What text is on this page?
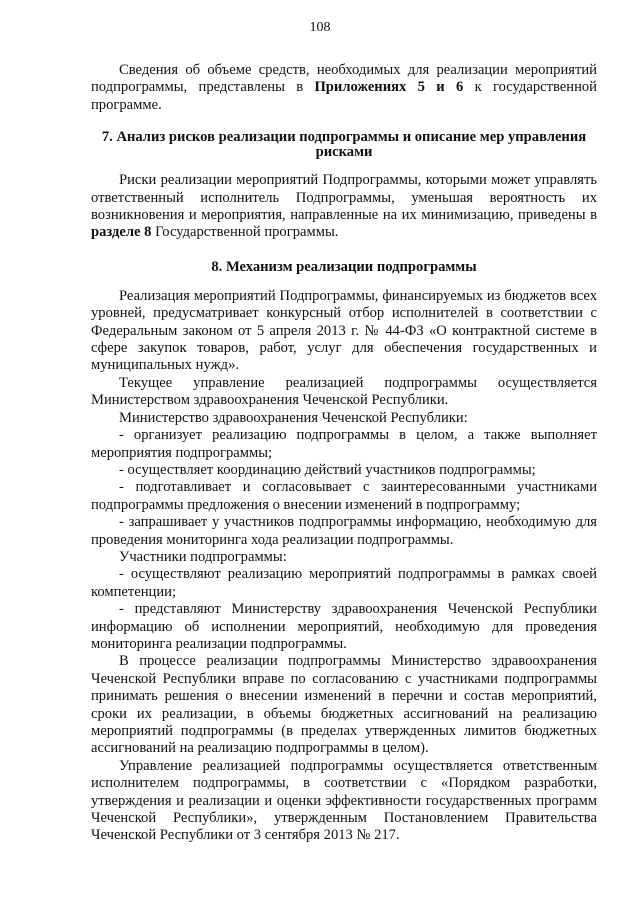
108

Сведения об объеме средств, необходимых для реализации мероприятий подпрограммы, представлены в Приложениях 5 и 6 к государственной программе.

7. Анализ рисков реализации подпрограммы и описание мер управления рисками

Риски реализации мероприятий Подпрограммы, которыми может управлять ответственный исполнитель Подпрограммы, уменьшая вероятность их возникновения и мероприятия, направленные на их минимизацию, приведены в разделе 8 Государственной программы.

8. Механизм реализации подпрограммы

Реализация мероприятий Подпрограммы, финансируемых из бюджетов всех уровней, предусматривает конкурсный отбор исполнителей в соответствии с Федеральным законом от 5 апреля 2013 г. № 44-ФЗ «О контрактной системе в сфере закупок товаров, работ, услуг для обеспечения государственных и муниципальных нужд».

Текущее управление реализацией подпрограммы осуществляется Министерством здравоохранения Чеченской Республики.

Министерство здравоохранения Чеченской Республики:

- организует реализацию подпрограммы в целом, а также выполняет мероприятия подпрограммы;

- осуществляет координацию действий участников подпрограммы;

- подготавливает и согласовывает с заинтересованными участниками подпрограммы предложения о внесении изменений в подпрограмму;

- запрашивает у участников подпрограммы информацию, необходимую для проведения мониторинга хода реализации подпрограммы.

Участники подпрограммы:

- осуществляют реализацию мероприятий подпрограммы в рамках своей компетенции;

- представляют Министерству здравоохранения Чеченской Республики информацию об исполнении мероприятий, необходимую для проведения мониторинга реализации подпрограммы.

В процессе реализации подпрограммы Министерство здравоохранения Чеченской Республики вправе по согласованию с участниками подпрограммы принимать решения о внесении изменений в перечни и состав мероприятий, сроки их реализации, в объемы бюджетных ассигнований на реализацию мероприятий подпрограммы (в пределах утвержденных лимитов бюджетных ассигнований на реализацию подпрограммы в целом).

Управление реализацией подпрограммы осуществляется ответственным исполнителем подпрограммы, в соответствии с «Порядком разработки, утверждения и реализации и оценки эффективности государственных программ Чеченской Республики», утвержденным Постановлением Правительства Чеченской Республики от 3 сентября 2013 № 217.
